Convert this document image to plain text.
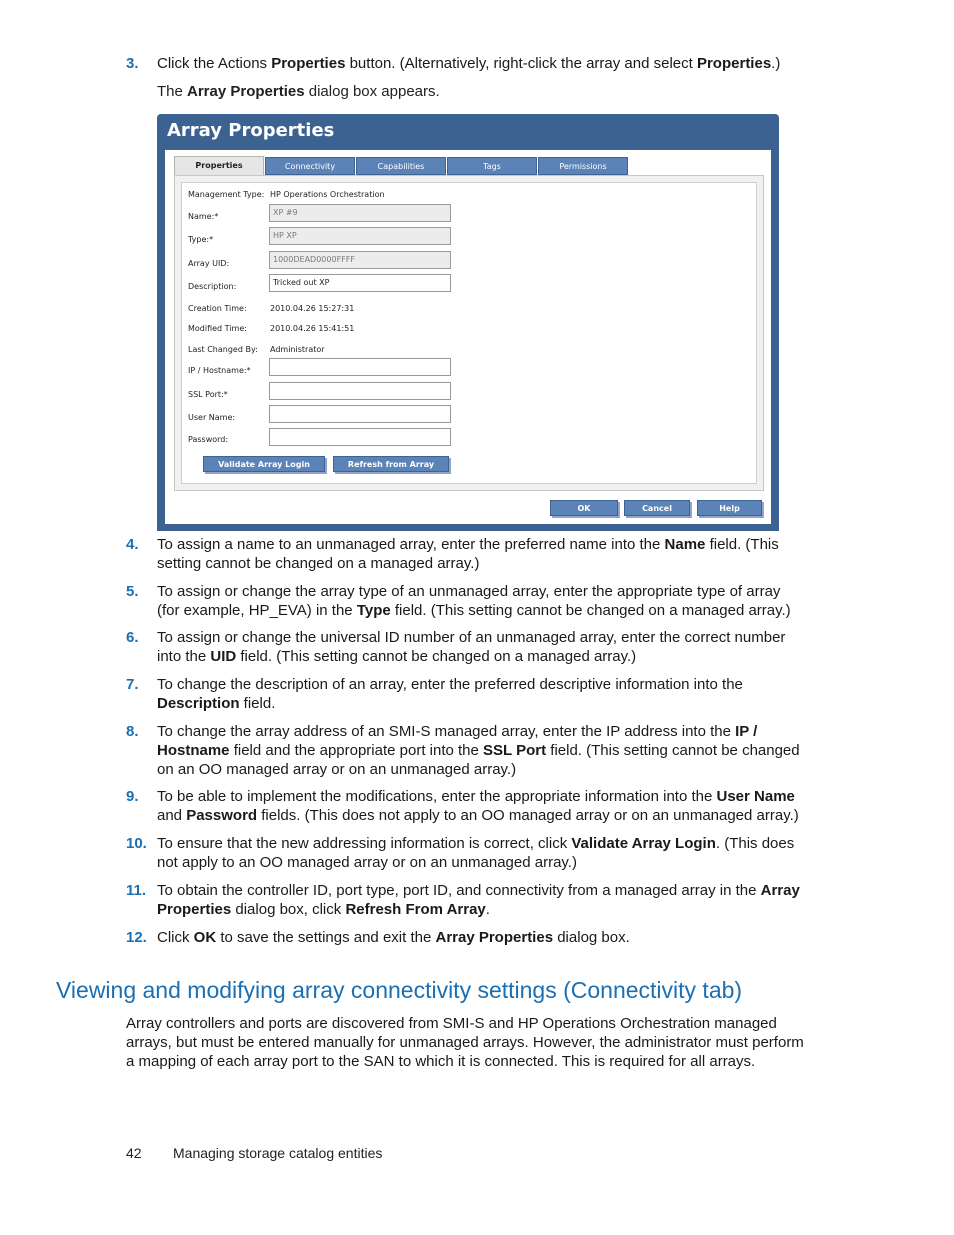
3. Click the Actions Properties button. (Alternatively, right-click the array and select Properties.)
The Array Properties dialog box appears.
Array Properties
Properties	Connectivity	Capabilities	Tags	Permissions
Management Type: HP Operations Orchestration
Name:*	XP #9
Type:*	HP XP
Array UID:	1000DEAD0000FFFF
Description:	Tricked out XP
Creation Time:	2010.04.26 15:27:31
Modified Time:	2010.04.26 15:41:51
Last Changed By: Administrator
IP / Hostname:*
SSL Port:*
User Name:
Password:
Validate Array Login	Refresh from Array
OK	Cancel	Help
4. To assign a name to an unmanaged array, enter the preferred name into the Name field. (This setting cannot be changed on a managed array.)
5. To assign or change the array type of an unmanaged array, enter the appropriate type of array (for example, HP_EVA) in the Type field. (This setting cannot be changed on a managed array.)
6. To assign or change the universal ID number of an unmanaged array, enter the correct number into the UID field. (This setting cannot be changed on a managed array.)
7. To change the description of an array, enter the preferred descriptive information into the Description field.
8. To change the array address of an SMI-S managed array, enter the IP address into the IP / Hostname field and the appropriate port into the SSL Port field. (This setting cannot be changed on an OO managed array or on an unmanaged array.)
9. To be able to implement the modifications, enter the appropriate information into the User Name and Password fields. (This does not apply to an OO managed array or on an unmanaged array.)
10. To ensure that the new addressing information is correct, click Validate Array Login. (This does not apply to an OO managed array or on an unmanaged array.)
11. To obtain the controller ID, port type, port ID, and connectivity from a managed array in the Array Properties dialog box, click Refresh From Array.
12. Click OK to save the settings and exit the Array Properties dialog box.
Viewing and modifying array connectivity settings (Connectivity tab)
Array controllers and ports are discovered from SMI-S and HP Operations Orchestration managed arrays, but must be entered manually for unmanaged arrays. However, the administrator must perform a mapping of each array port to the SAN to which it is connected. This is required for all arrays.
42 Managing storage catalog entities
